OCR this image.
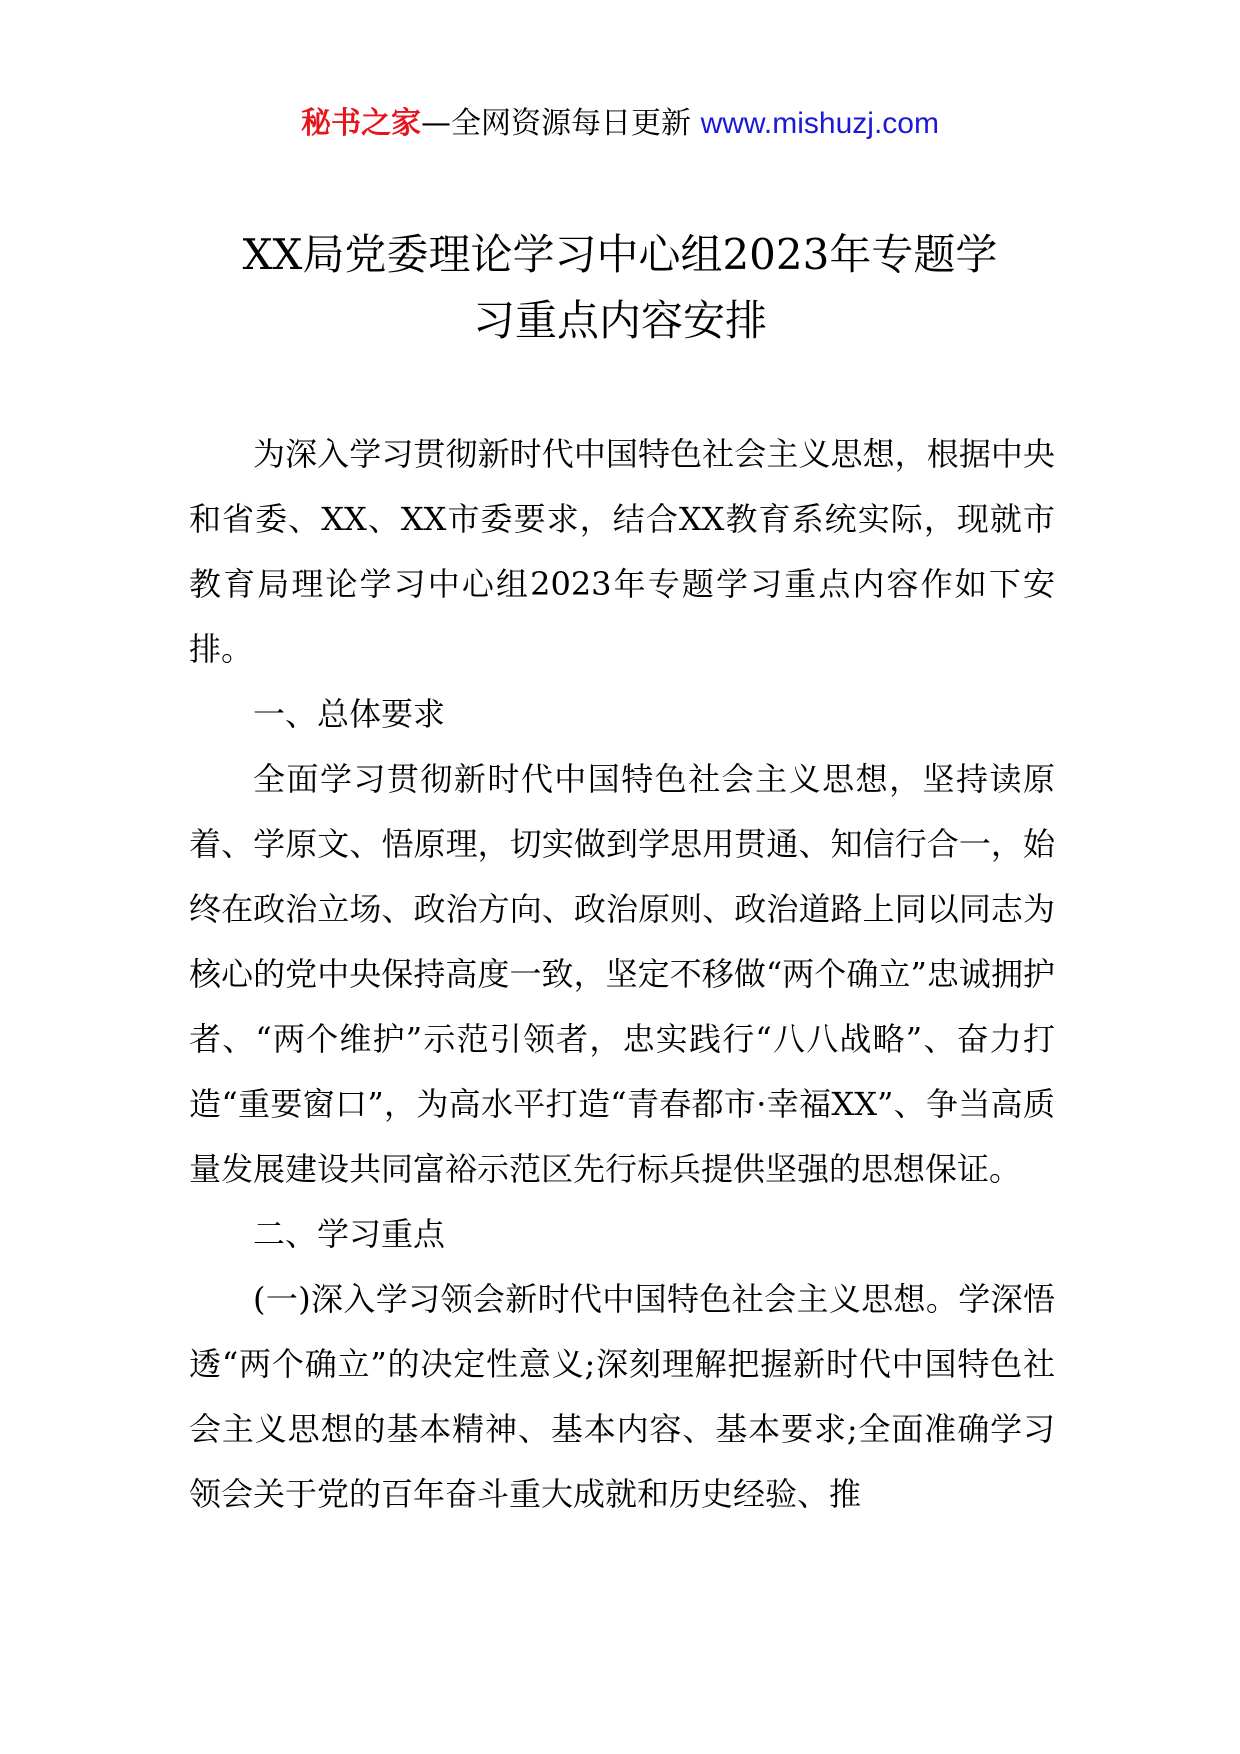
秘书之家—全网资源每日更新 www.mishuzj.com
XX局党委理论学习中心组2023年专题学
习重点内容安排

为深入学习贯彻新时代中国特色社会主义思想，根据中央和省委、XX、XX市委要求，结合XX教育系统实际，现就市教育局理论学习中心组2023年专题学习重点内容作如下安排。

一、总体要求

全面学习贯彻新时代中国特色社会主义思想，坚持读原着、学原文、悟原理，切实做到学思用贯通、知信行合一，始终在政治立场、政治方向、政治原则、政治道路上同以同志为核心的党中央保持高度一致，坚定不移做“两个确立”忠诚拥护者、“两个维护”示范引领者，忠实践行“八八战略”、奋力打造“重要窗口”，为高水平打造“青春都市·幸福XX”、争当高质量发展建设共同富裕示范区先行标兵提供坚强的思想保证。

二、学习重点

(一)深入学习领会新时代中国特色社会主义思想。学深悟透“两个确立”的决定性意义;深刻理解把握新时代中国特色社会主义思想的基本精神、基本内容、基本要求;全面准确学习领会关于党的百年奋斗重大成就和历史经验、推
